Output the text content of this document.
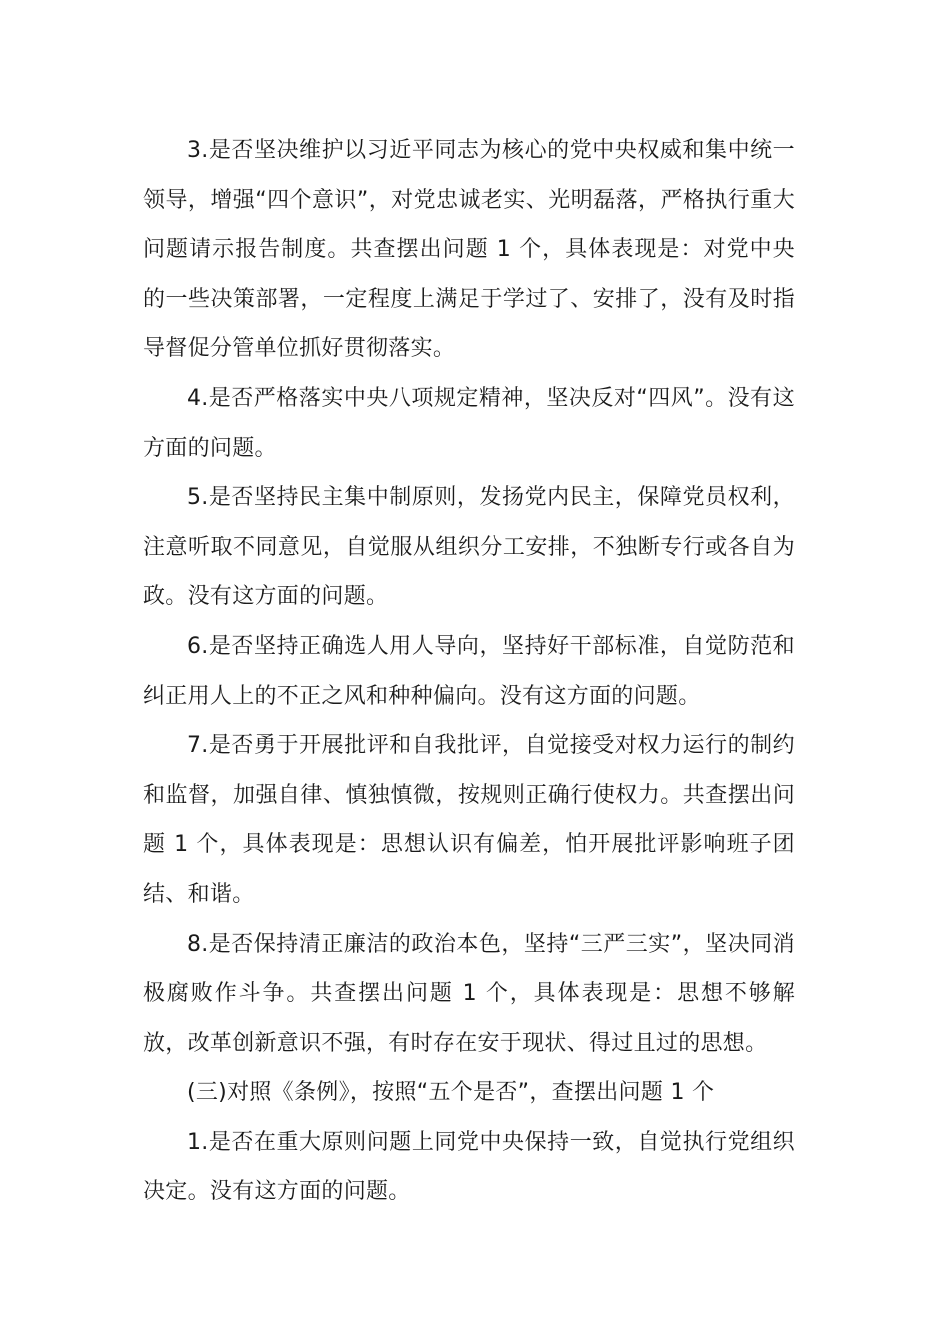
3.是否坚决维护以习近平同志为核心的党中央权威和集中统一领导，增强“四个意识”，对党忠诚老实、光明磊落，严格执行重大问题请示报告制度。共查摆出问题 1 个，具体表现是：对党中央的一些决策部署，一定程度上满足于学过了、安排了，没有及时指导督促分管单位抓好贯彻落实。

4.是否严格落实中央八项规定精神，坚决反对“四风”。没有这方面的问题。

5.是否坚持民主集中制原则，发扬党内民主，保障党员权利，注意听取不同意见，自觉服从组织分工安排，不独断专行或各自为政。没有这方面的问题。

6.是否坚持正确选人用人导向，坚持好干部标准，自觉防范和纠正用人上的不正之风和种种偏向。没有这方面的问题。

7.是否勇于开展批评和自我批评，自觉接受对权力运行的制约和监督，加强自律、慎独慎微，按规则正确行使权力。共查摆出问题 1 个，具体表现是：思想认识有偏差，怕开展批评影响班子团结、和谐。

8.是否保持清正廉洁的政治本色，坚持“三严三实”，坚决同消极腐败作斗争。共查摆出问题 1 个，具体表现是：思想不够解放，改革创新意识不强，有时存在安于现状、得过且过的思想。

(三)对照《条例》，按照“五个是否”，查摆出问题 1 个

1.是否在重大原则问题上同党中央保持一致，自觉执行党组织决定。没有这方面的问题。
